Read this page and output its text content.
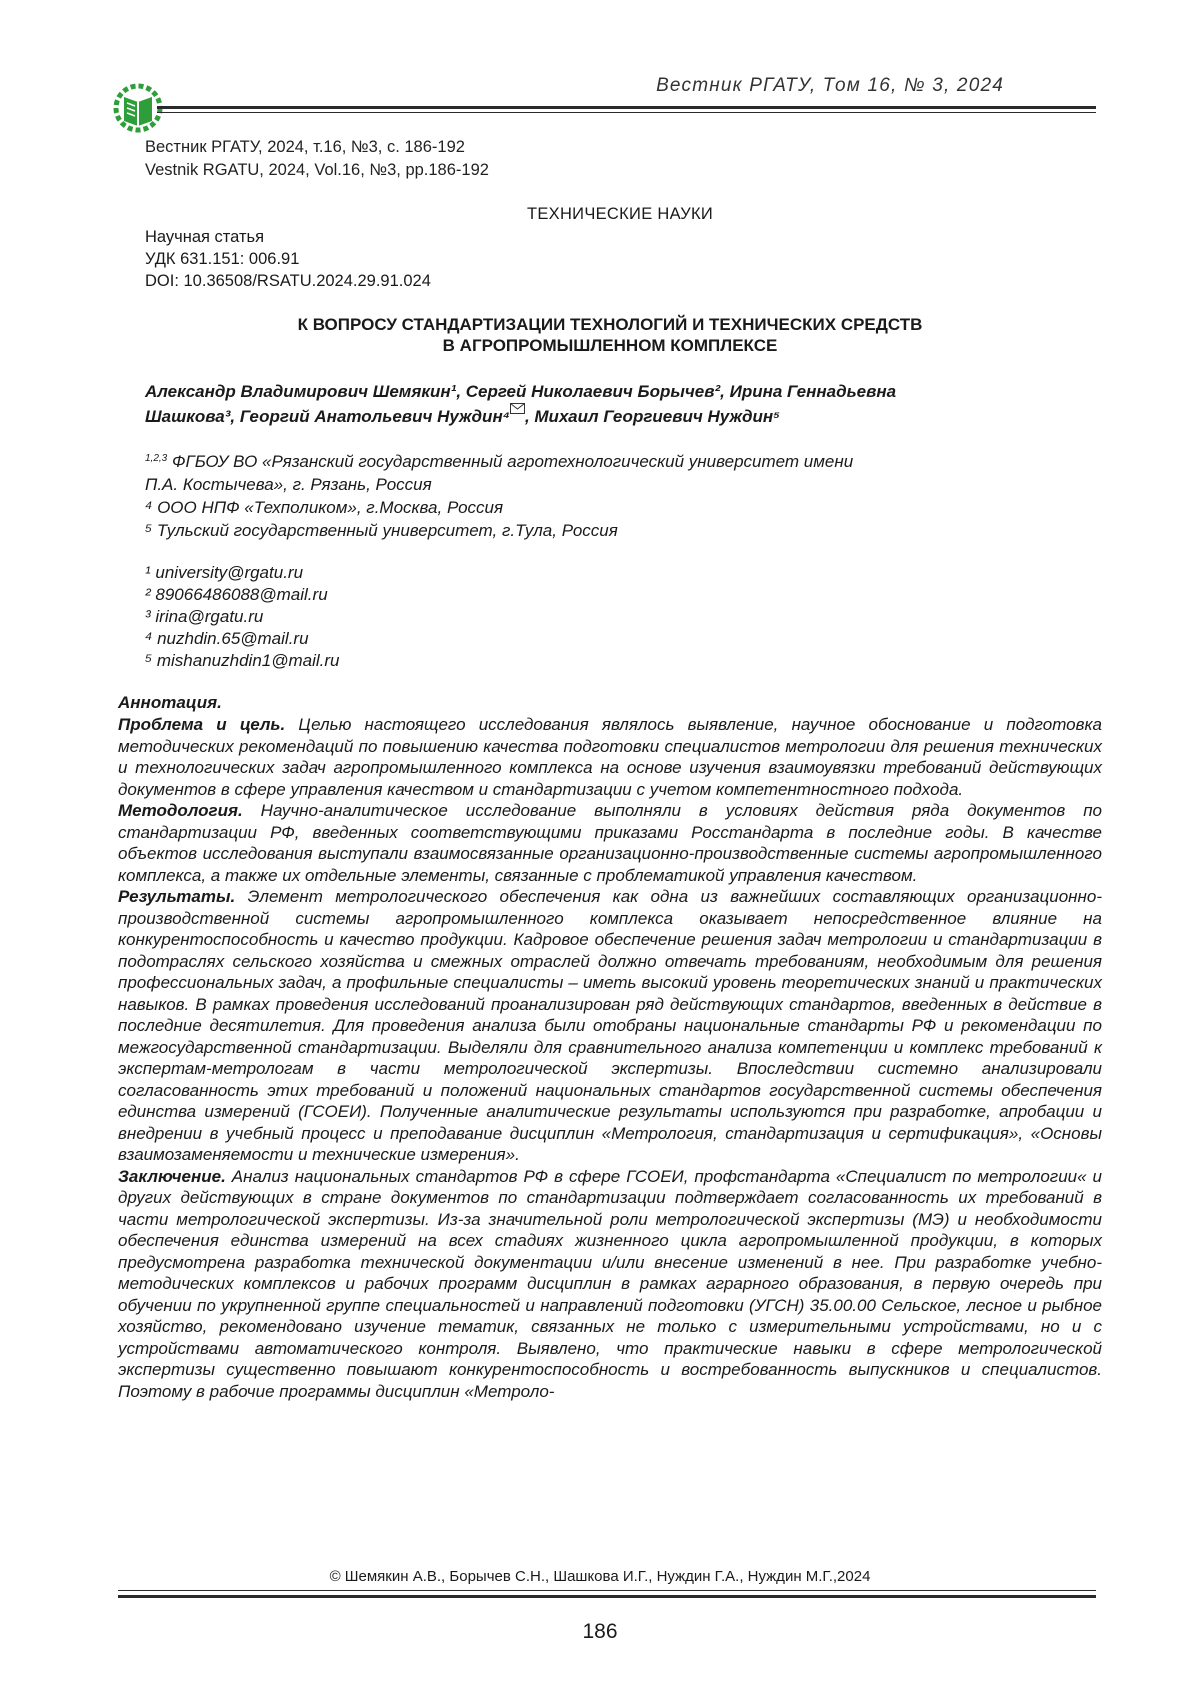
Вестник РГАТУ, Том 16, № 3, 2024
Вестник РГАТУ, 2024, т.16, №3, с. 186-192
Vestnik RGATU, 2024, Vol.16, №3, pp.186-192
ТЕХНИЧЕСКИЕ НАУКИ
Научная статья
УДК 631.151: 006.91
DOI: 10.36508/RSATU.2024.29.91.024
К ВОПРОСУ СТАНДАРТИЗАЦИИ ТЕХНОЛОГИЙ И ТЕХНИЧЕСКИХ СРЕДСТВ
В АГРОПРОМЫШЛЕННОМ КОМПЛЕКСЕ
Александр Владимирович Шемякин¹, Сергей Николаевич Борычев², Ирина Геннадьевна
Шашкова³, Георгий Анатольевич Нуждин⁴ , Михаил Георгиевич Нуждин⁵
$^{1,2,3}$ ФГБОУ ВО «Рязанский государственный агротехнологический университет имени
П.А. Костычева», г. Рязань, Россия
⁴ ООО НПФ «Техполиком», г.Москва, Россия
⁵ Тульский государственный университет, г.Тула, Россия
¹ university@rgatu.ru
² 89066486088@mail.ru
³ irina@rgatu.ru
⁴ nuzhdin.65@mail.ru
⁵ mishanuzhdin1@mail.ru
Аннотация.

Проблема и цель. Целью настоящего исследования являлось выявление, научное обоснование и подготовка методических рекомендаций по повышению качества подготовки специалистов метрологии для решения технических и технологических задач агропромышленного комплекса на основе изучения взаимоувязки требований действующих документов в сфере управления качеством и стандартизации с учетом компетентностного подхода.

Методология. Научно-аналитическое исследование выполняли в условиях действия ряда документов по стандартизации РФ, введенных соответствующими приказами Росстандарта в последние годы. В качестве объектов исследования выступали взаимосвязанные организационно-производственные системы агропромышленного комплекса, а также их отдельные элементы, связанные с проблематикой управления качеством.

Результаты. Элемент метрологического обеспечения как одна из важнейших составляющих организационно-производственной системы агропромышленного комплекса оказывает непосредственное влияние на конкурентоспособность и качество продукции. Кадровое обеспечение решения задач метрологии и стандартизации в подотраслях сельского хозяйства и смежных отраслей должно отвечать требованиям, необходимым для решения профессиональных задач, а профильные специалисты – иметь высокий уровень теоретических знаний и практических навыков. В рамках проведения исследований проанализирован ряд действующих стандартов, введенных в действие в последние десятилетия. Для проведения анализа были отобраны национальные стандарты РФ и рекомендации по межгосударственной стандартизации. Выделяли для сравнительного анализа компетенции и комплекс требований к экспертам-метрологам в части метрологической экспертизы. Впоследствии системно анализировали согласованность этих требований и положений национальных стандартов государственной системы обеспечения единства измерений (ГСОЕИ). Полученные аналитические результаты используются при разработке, апробации и внедрении в учебный процесс и преподавание дисциплин «Метрология, стандартизация и сертификация», «Основы взаимозаменяемости и технические измерения».

Заключение. Анализ национальных стандартов РФ в сфере ГСОЕИ, профстандарта «Специалист по метрологии« и других действующих в стране документов по стандартизации подтверждает согласованность их требований в части метрологической экспертизы. Из-за значительной роли метрологической экспертизы (МЭ) и необходимости обеспечения единства измерений на всех стадиях жизненного цикла агропромышленной продукции, в которых предусмотрена разработка технической документации и/или внесение изменений в нее. При разработке учебно-методических комплексов и рабочих программ дисциплин в рамках аграрного образования, в первую очередь при обучении по укрупненной группе специальностей и направлений подготовки (УГСН) 35.00.00 Сельское, лесное и рыбное хозяйство, рекомендовано изучение тематик, связанных не только с измерительными устройствами, но и с устройствами автоматического контроля. Выявлено, что практические навыки в сфере метрологической экспертизы существенно повышают конкурентоспособность и востребованность выпускников и специалистов. Поэтому в рабочие программы дисциплин «Метроло-

© Шемякин А.В., Борычев С.Н., Шашкова И.Г., Нуждин Г.А., Нуждин М.Г.,2024
186
